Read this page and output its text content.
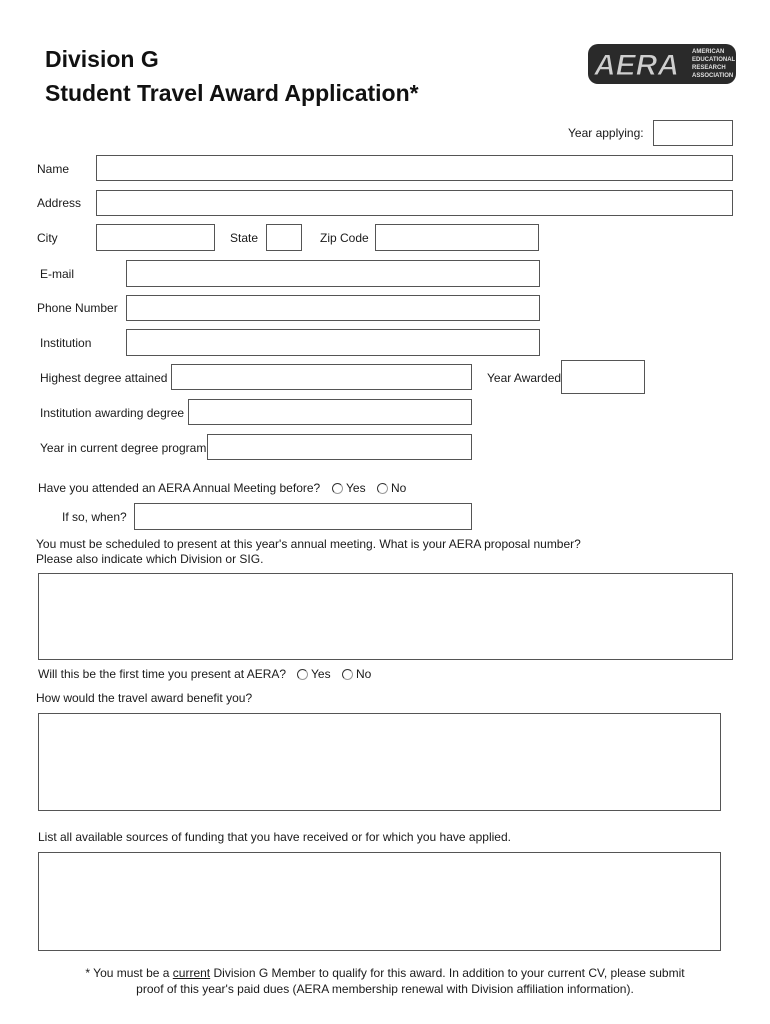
Division G
Student Travel Award Application*
AERA AMERICAN
EDUCATIONAL
RESEARCH
ASSOCIATION
Year applying:
Name
Address
City	State	Zip Code
E-mail
Phone Number
Institution
Highest degree attained	Year Awarded
Institution awarding degree
Year in current degree program
Have you attended an AERA Annual Meeting before? Yes No
If so, when?
You must be scheduled to present at this year's annual meeting. What is your AERA proposal number?
Please also indicate which Division or SIG.
Will this be the first time you present at AERA? Yes No
How would the travel award benefit you?
List all available sources of funding that you have received or for which you have applied.
* You must be a current Division G Member to qualify for this award. In addition to your current CV, please submit
proof of this year's paid dues (AERA membership renewal with Division affiliation information).
